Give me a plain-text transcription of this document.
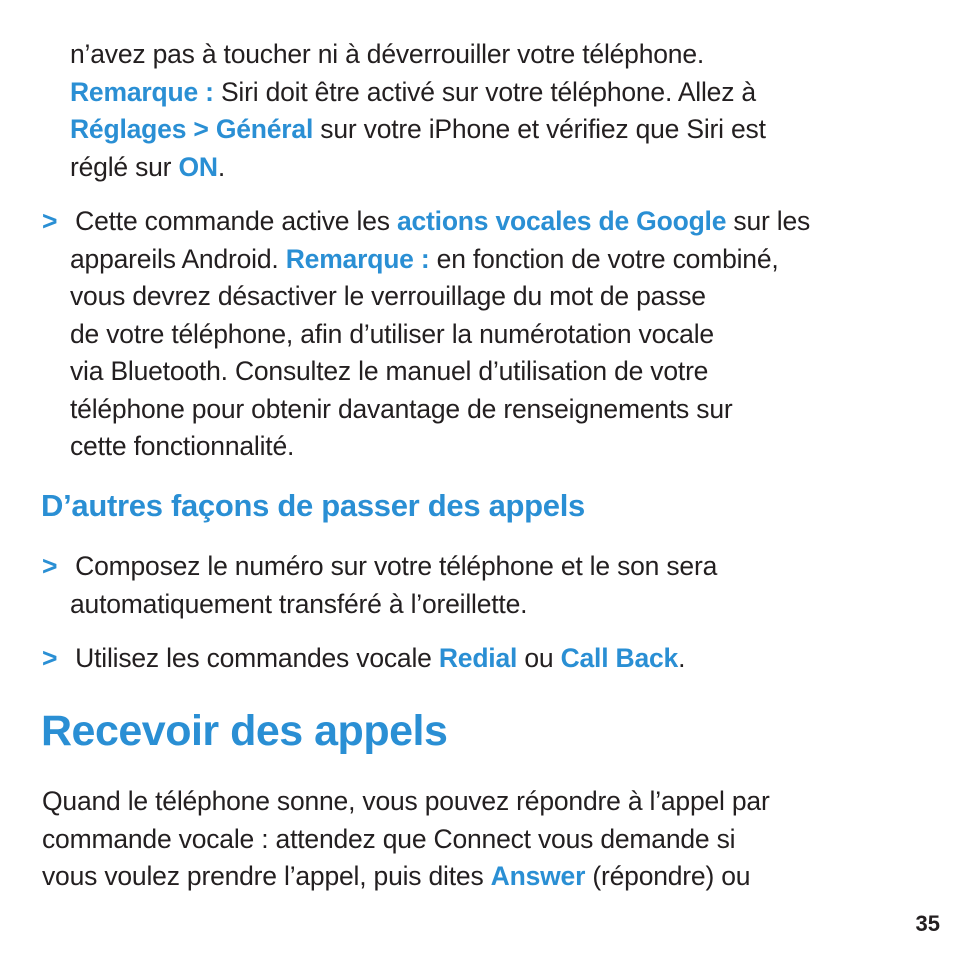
n’avez pas à toucher ni à déverrouiller votre téléphone.
Remarque : Siri doit être activé sur votre téléphone. Allez à
Réglages > Général sur votre iPhone et vérifiez que Siri est
réglé sur ON.
> Cette commande active les actions vocales de Google sur les
appareils Android. Remarque : en fonction de votre combiné,
vous devrez désactiver le verrouillage du mot de passe
de votre téléphone, afin d’utiliser la numérotation vocale
via Bluetooth. Consultez le manuel d’utilisation de votre
téléphone pour obtenir davantage de renseignements sur
cette fonctionnalité.
D’autres façons de passer des appels
> Composez le numéro sur votre téléphone et le son sera
automatiquement transféré à l’oreillette.
> Utilisez les commandes vocale Redial ou Call Back.
Recevoir des appels
Quand le téléphone sonne, vous pouvez répondre à l’appel par
commande vocale : attendez que Connect vous demande si
vous voulez prendre l’appel, puis dites Answer (répondre) ou
35
